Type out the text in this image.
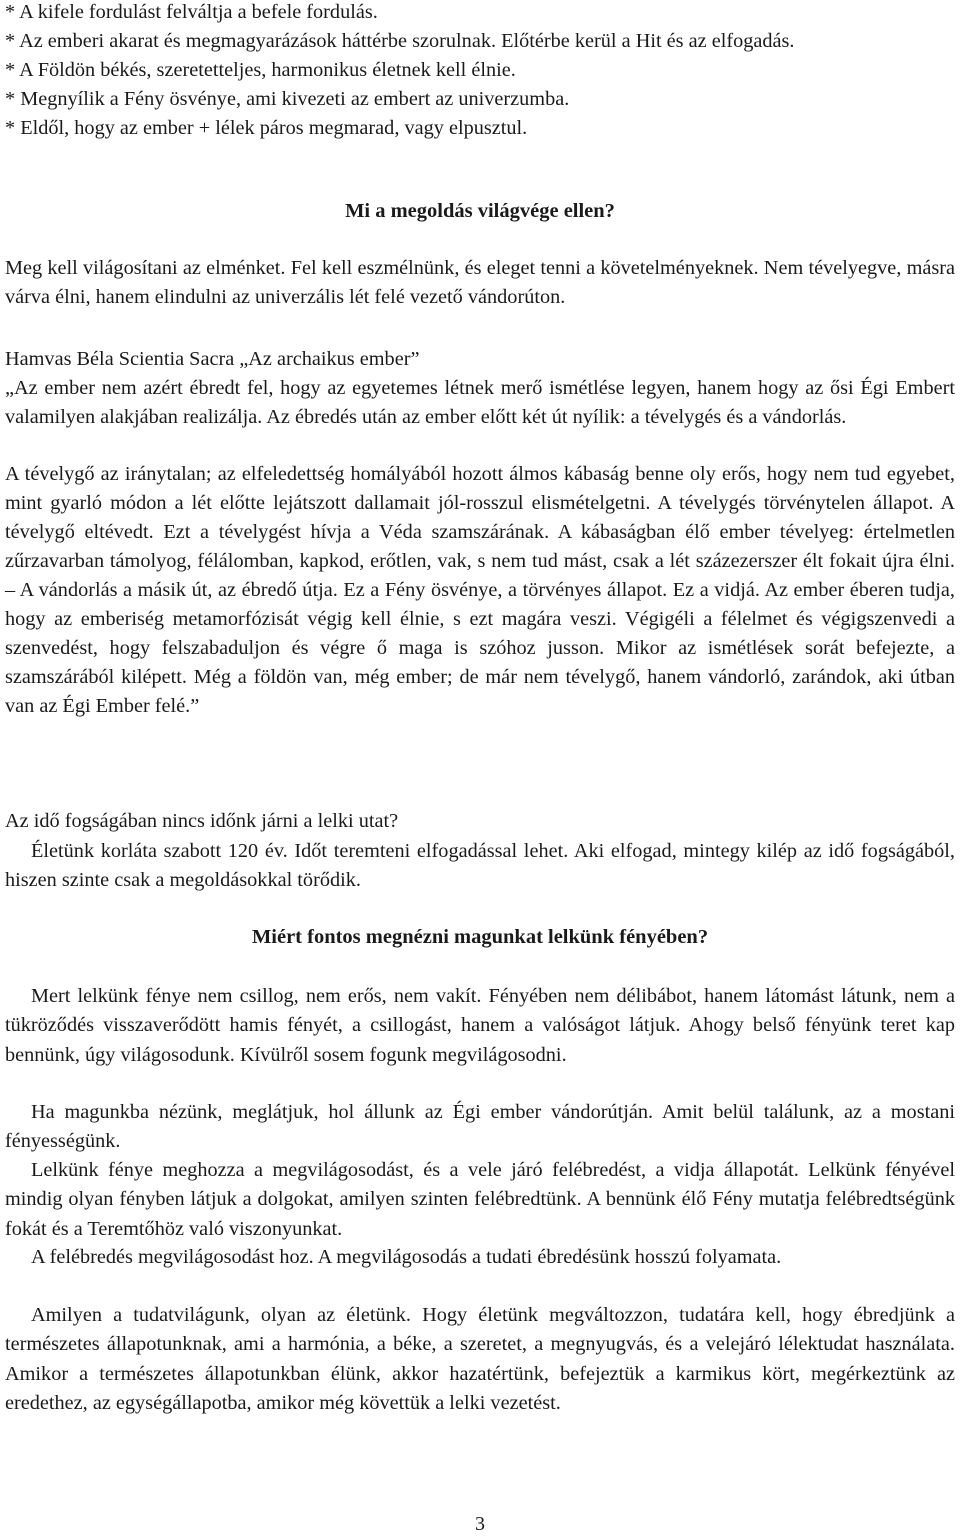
* A kifele fordulást felváltja a befele fordulás.
* Az emberi akarat és megmagyarázások háttérbe szorulnak. Előtérbe kerül a Hit és az elfogadás.
* A Földön békés, szeretetteljes, harmonikus életnek kell élnie.
* Megnyílik a Fény ösvénye, ami kivezeti az embert az univerzumba.
* Eldől, hogy az ember + lélek páros megmarad, vagy elpusztul.
Mi a megoldás világvége ellen?
Meg kell világosítani az elménket. Fel kell eszmélnünk, és eleget tenni a követelményeknek. Nem tévelyegve, másra várva élni, hanem elindulni az univerzális lét felé vezető vándorúton.
Hamvas Béla Scientia Sacra „Az archaikus ember”
„Az ember nem azért ébredt fel, hogy az egyetemes létnek merő ismétlése legyen, hanem hogy az ősi Égi Embert valamilyen alakjában realizálja. Az ébredés után az ember előtt két út nyílik: a tévelygés és a vándorlás.
A tévelygő az iránytalan; az elfeledettség homályából hozott álmos kábaság benne oly erős, hogy nem tud egyebet, mint gyarló módon a lét előtte lejátszott dallamait jól-rosszul elismételgetni. A tévelygés törvénytelen állapot. A tévelygő eltévedt. Ezt a tévelygést hívja a Véda szamszárának. A kábaságban élő ember tévelyeg: értelmetlen zűrzavarban támolyog, félálomban, kapkod, erőtlen, vak, s nem tud mást, csak a lét százezerszer élt fokait újra élni. – A vándorlás a másik út, az ébredő útja. Ez a Fény ösvénye, a törvényes állapot. Ez a vidjá. Az ember éberen tudja, hogy az emberiség metamorfózisát végig kell élnie, s ezt magára veszi. Végigéli a félelmet és végigszenvedi a szenvedést, hogy felszabaduljon és végre ő maga is szóhoz jusson. Mikor az ismétlések sorát befejezte, a szamszárából kilépett. Még a földön van, még ember; de már nem tévelygő, hanem vándorló, zarándok, aki útban van az Égi Ember felé.”
Az idő fogságában nincs időnk járni a lelki utat?
Életünk korláta szabott 120 év. Időt teremteni elfogadással lehet. Aki elfogad, mintegy kilép az idő fogságából, hiszen szinte csak a megoldásokkal törődik.
Miért fontos megnézni magunkat lelkünk fényében?
Mert lelkünk fénye nem csillog, nem erős, nem vakít. Fényében nem délibábot, hanem látomást látunk, nem a tükröződés visszaverődött hamis fényét, a csillogást, hanem a valóságot látjuk. Ahogy belső fényünk teret kap bennünk, úgy világosodunk. Kívülről sosem fogunk megvilágosodni.
Ha magunkba nézünk, meglátjuk, hol állunk az Égi ember vándorútján. Amit belül találunk, az a mostani fényességünk.
Lelkünk fénye meghozza a megvilágosodást, és a vele járó felébredést, a vidja állapotát. Lelkünk fényével mindig olyan fényben látjuk a dolgokat, amilyen szinten felébredtünk. A bennünk élő Fény mutatja felébredtségünk fokát és a Teremtőhöz való viszonyunkat.
A felébredés megvilágosodást hoz. A megvilágosodás a tudati ébredésünk hosszú folyamata.
Amilyen a tudatvilágunk, olyan az életünk. Hogy életünk megváltozzon, tudatára kell, hogy ébredjünk a természetes állapotunknak, ami a harmónia, a béke, a szeretet, a megnyugvás, és a velejáró lélektudat használata. Amikor a természetes állapotunkban élünk, akkor hazatértünk, befejeztük a karmikus kört, megérkeztünk az eredethez, az egységállapotba, amikor még követtük a lelki vezetést.
3
